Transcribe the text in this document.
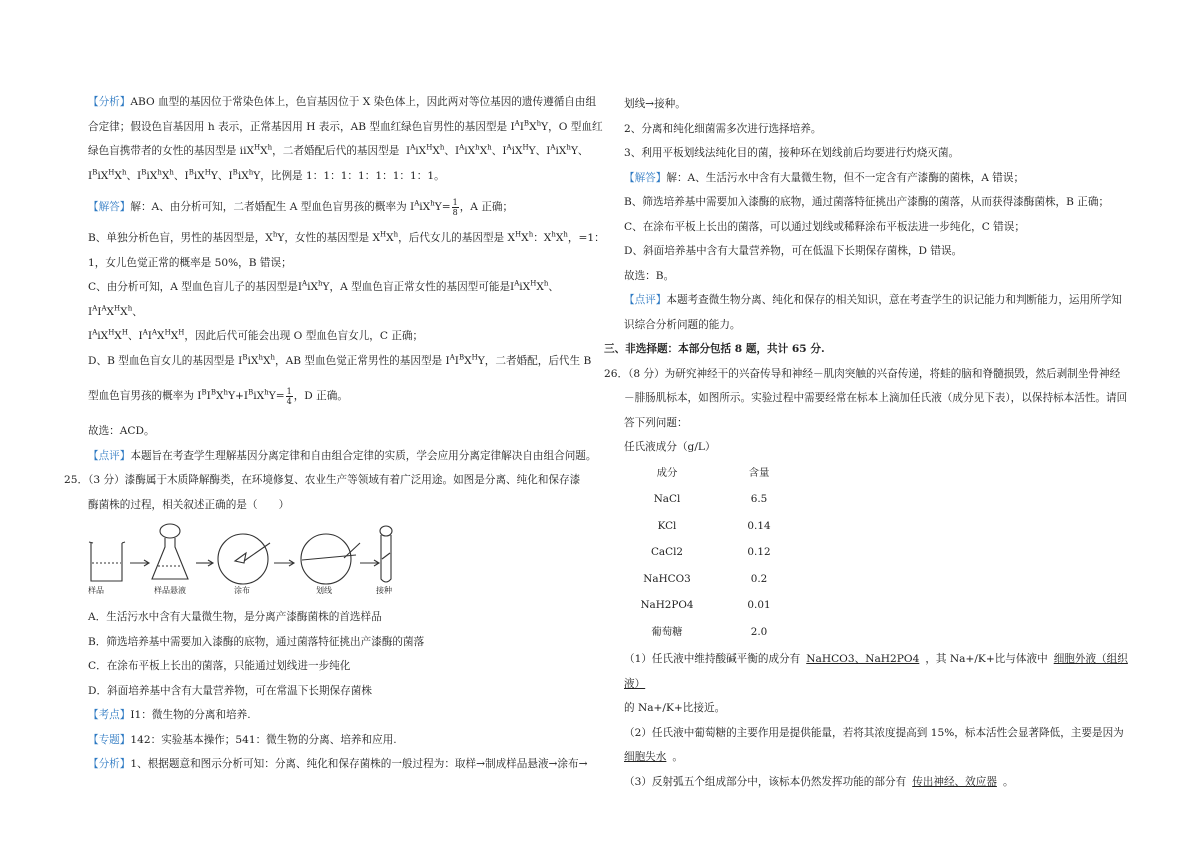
【分析】ABO 血型的基因位于常染色体上，色盲基因位于 X 染色体上，因此两对等位基因的遗传遵循自由组
合定律；假设色盲基因用 h 表示，正常基因用 H 表示，AB 型血红绿色盲男性的基因型是 $I^AI^BX^hY$，O 型血红
绿色盲携带者的女性的基因型是 $iiX^HX^h$，二者婚配后代的基因型是  $I^AiX^HX^h$、$I^AiX^hX^h$、$I^AiX^HY$、$I^AiX^hY$、
$I^BiX^HX^h$、$I^BiX^hX^h$、$I^BiX^HY$、$I^BiX^hY$，比例是 1：1：1：1：1：1：1：1。

【解答】解：A、由分析可知，二者婚配生 A 型血色盲男孩的概率为 $I^AiX^hY= \frac{1}{8}$ ，A 正确；

B、单独分析色盲，男性的基因型是，$X^hY$，女性的基因型是 $X^HX^h$，后代女儿的基因型是 $X^HX^h$：$X^hX^h$，=1：
1，女儿色觉正常的概率是 50%，B 错误；

C、由分析可知，A 型血色盲儿子的基因型是$I^AiX^hY$，A 型血色盲正常女性的基因型可能是$I^AiX^HX^h$、$I^AI^AX^HX^h$、
$I^AiX^HX^H$、$I^AI^AX^HX^H$，因此后代可能会出现 O 型血色盲女儿，C 正确；

D、B 型血色盲女儿的基因型是 $I^BiX^hX^h$，AB 型血色觉正常男性的基因型是 $I^AI^BX^HY$，二者婚配，后代生 B

型血色盲男孩的概率为 $I^BI^BX^hY+I^BiX^hY= \frac{1}{4}$ ，D 正确。

故选：ACD。

【点评】本题旨在考查学生理解基因分离定律和自由组合定律的实质，学会应用分离定律解决自由组合问题。

25．（3 分）漆酶属于木质降解酶类，在环境修复、农业生产等领域有着广泛用途。如图是分离、纯化和保存漆
酶菌株的过程，相关叙述正确的是（　　）

样品	样品悬液	涂布	划线	接种

A．生活污水中含有大量微生物，是分离产漆酶菌株的首选样品

B．筛选培养基中需要加入漆酶的底物，通过菌落特征挑出产漆酶的菌落

C．在涂布平板上长出的菌落，只能通过划线进一步纯化

D．斜面培养基中含有大量营养物，可在常温下长期保存菌株

【考点】I1：微生物的分离和培养.

【专题】142：实验基本操作；541：微生物的分离、培养和应用.

【分析】1、根据题意和图示分析可知：分离、纯化和保存菌株的一般过程为：取样→制成样品悬液→涂布→

划线→接种。

2、分离和纯化细菌需多次进行选择培养。

3、利用平板划线法纯化目的菌，接种环在划线前后均要进行灼烧灭菌。

【解答】解：A、生活污水中含有大量微生物，但不一定含有产漆酶的菌株，A 错误；

B、筛选培养基中需要加入漆酶的底物，通过菌落特征挑出产漆酶的菌落，从而获得漆酶菌株，B 正确；

C、在涂布平板上长出的菌落，可以通过划线或稀释涂布平板法进一步纯化，C 错误；

D、斜面培养基中含有大量营养物，可在低温下长期保存菌株，D 错误。

故选：B。

【点评】本题考查微生物分离、纯化和保存的相关知识，意在考查学生的识记能力和判断能力，运用所学知
识综合分析问题的能力。

三、非选择题：本部分包括 8 题，共计 65 分.

26．（8 分）为研究神经干的兴奋传导和神经－肌肉突触的兴奋传递，将蛙的脑和脊髓损毁，然后剥制坐骨神经
－腓肠肌标本，如图所示。实验过程中需要经常在标本上滴加任氏液（成分见下表），以保持标本活性。请回
答下列问题：

任氏液成分（g/L）

成分	含量
NaCl	6.5
KCl	0.14
CaCl2	0.12
NaHCO3	0.2
NaH2PO4	0.01
葡萄糖	2.0

（1）任氏液中维持酸碱平衡的成分有 NaHCO3、NaH2PO4 ，其 Na+/K+比与体液中 细胞外液（组织液）
的 Na+/K+比接近。

（2）任氏液中葡萄糖的主要作用是提供能量，若将其浓度提高到 15%，标本活性会显著降低，主要是因为
细胞失水 。

（3）反射弧五个组成部分中，该标本仍然发挥功能的部分有 传出神经、效应器 。
